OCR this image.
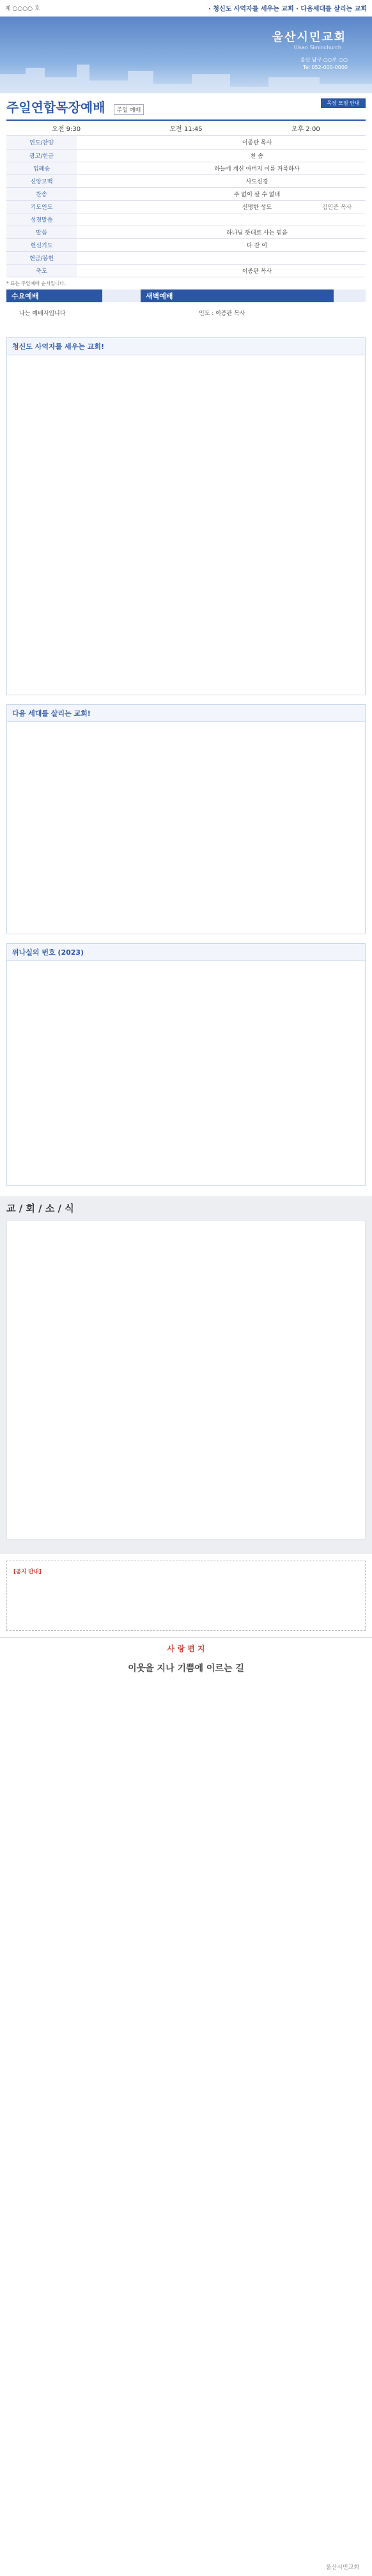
제 ○○○○ 호	· 청신도 사역자를 세우는 교회 · 다음세대를 살리는 교회
울산시민교회
Ulsan Siminchurch
울산 남구 ○○로 ○○
Tel 052-000-0000
주일연합목장예배 주일 예배
목장 모임 안내
오전 9:30	오전 11:45	오후 2:00
인도/찬양		이종관 목사	
광고/헌금		찬 송	
입례송		하늘에 계신 아버지 이름 거룩하사	
신앙고백		사도신경	
찬송		주 없이 살 수 없네	
기도인도		선명한 성도	김민준 목사
성경말씀			
말씀		하나님 뜻대로 사는 믿음	
헌신기도		다 같 이	
헌금/봉헌			
축도		이종관 목사	
* 표는 주일예배 순서입니다.
수요예배	새벽예배
나는 예배자입니다	인도 : 이종관 목사
청신도 사역자를 세우는 교회!
다음 세대를 살리는 교회!
위나실의 번호 (2023)
교 / 회 / 소 / 식
[공지 안내]
사 랑 편 지
이웃을 지나 기쁨에 이르는 길
울산시민교회
